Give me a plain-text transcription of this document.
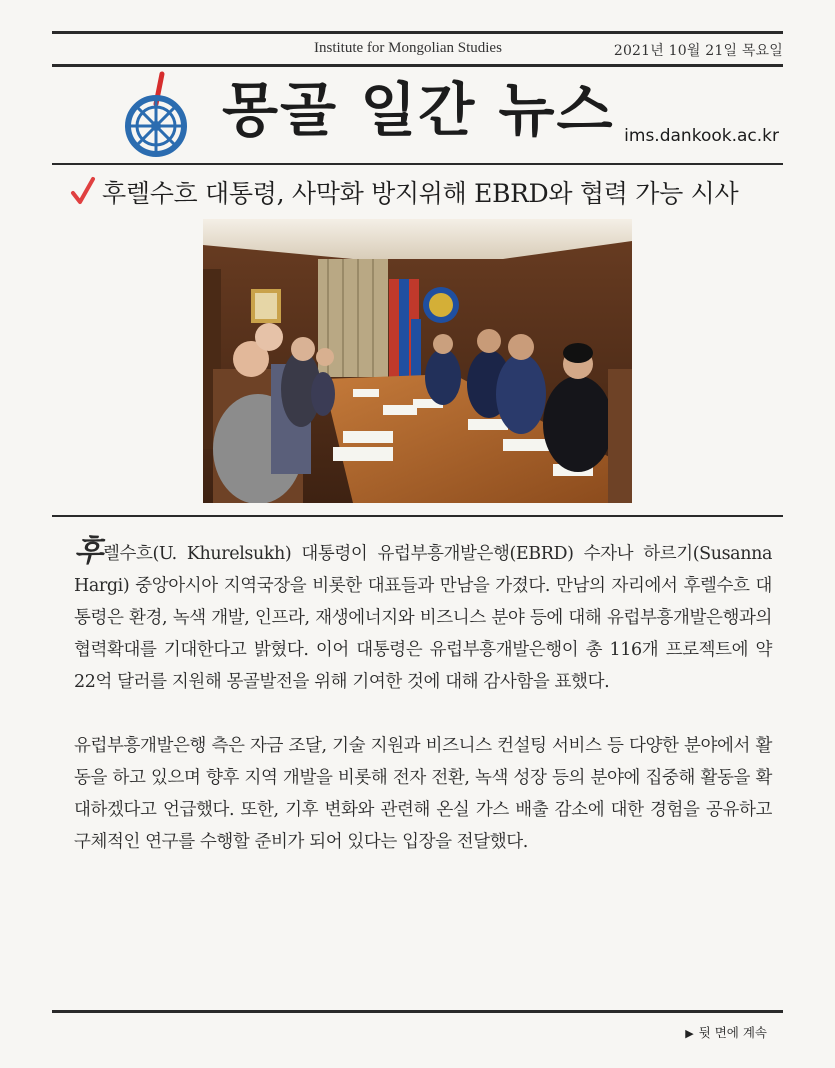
Institute for Mongolian Studies	2021년 10월 21일 목요일
몽골 일간 뉴스 ims.dankook.ac.kr
후렐수흐 대통령, 사막화 방지위해 EBRD와 협력 가능 시사

후렐수흐(U. Khurelsukh) 대통령이 유럽부흥개발은행(EBRD) 수자나 하르기(Susanna Hargi) 중앙아시아 지역국장을 비롯한 대표들과 만남을 가졌다. 만남의 자리에서 후렐수흐 대통령은 환경, 녹색 개발, 인프라, 재생에너지와 비즈니스 분야 등에 대해 유럽부흥개발은행과의 협력확대를 기대한다고 밝혔다. 이어 대통령은 유럽부흥개발은행이 총 116개 프로젝트에 약 22억 달러를 지원해 몽골발전을 위해 기여한 것에 대해 감사함을 표했다.

유럽부흥개발은행 측은 자금 조달, 기술 지원과 비즈니스 컨설팅 서비스 등 다양한 분야에서 활동을 하고 있으며 향후 지역 개발을 비롯해 전자 전환, 녹색 성장 등의 분야에 집중해 활동을 확대하겠다고 언급했다. 또한, 기후 변화와 관련해 온실 가스 배출 감소에 대한 경험을 공유하고 구체적인 연구를 수행할 준비가 되어 있다는 입장을 전달했다.

▶ 뒷 면에 계속
